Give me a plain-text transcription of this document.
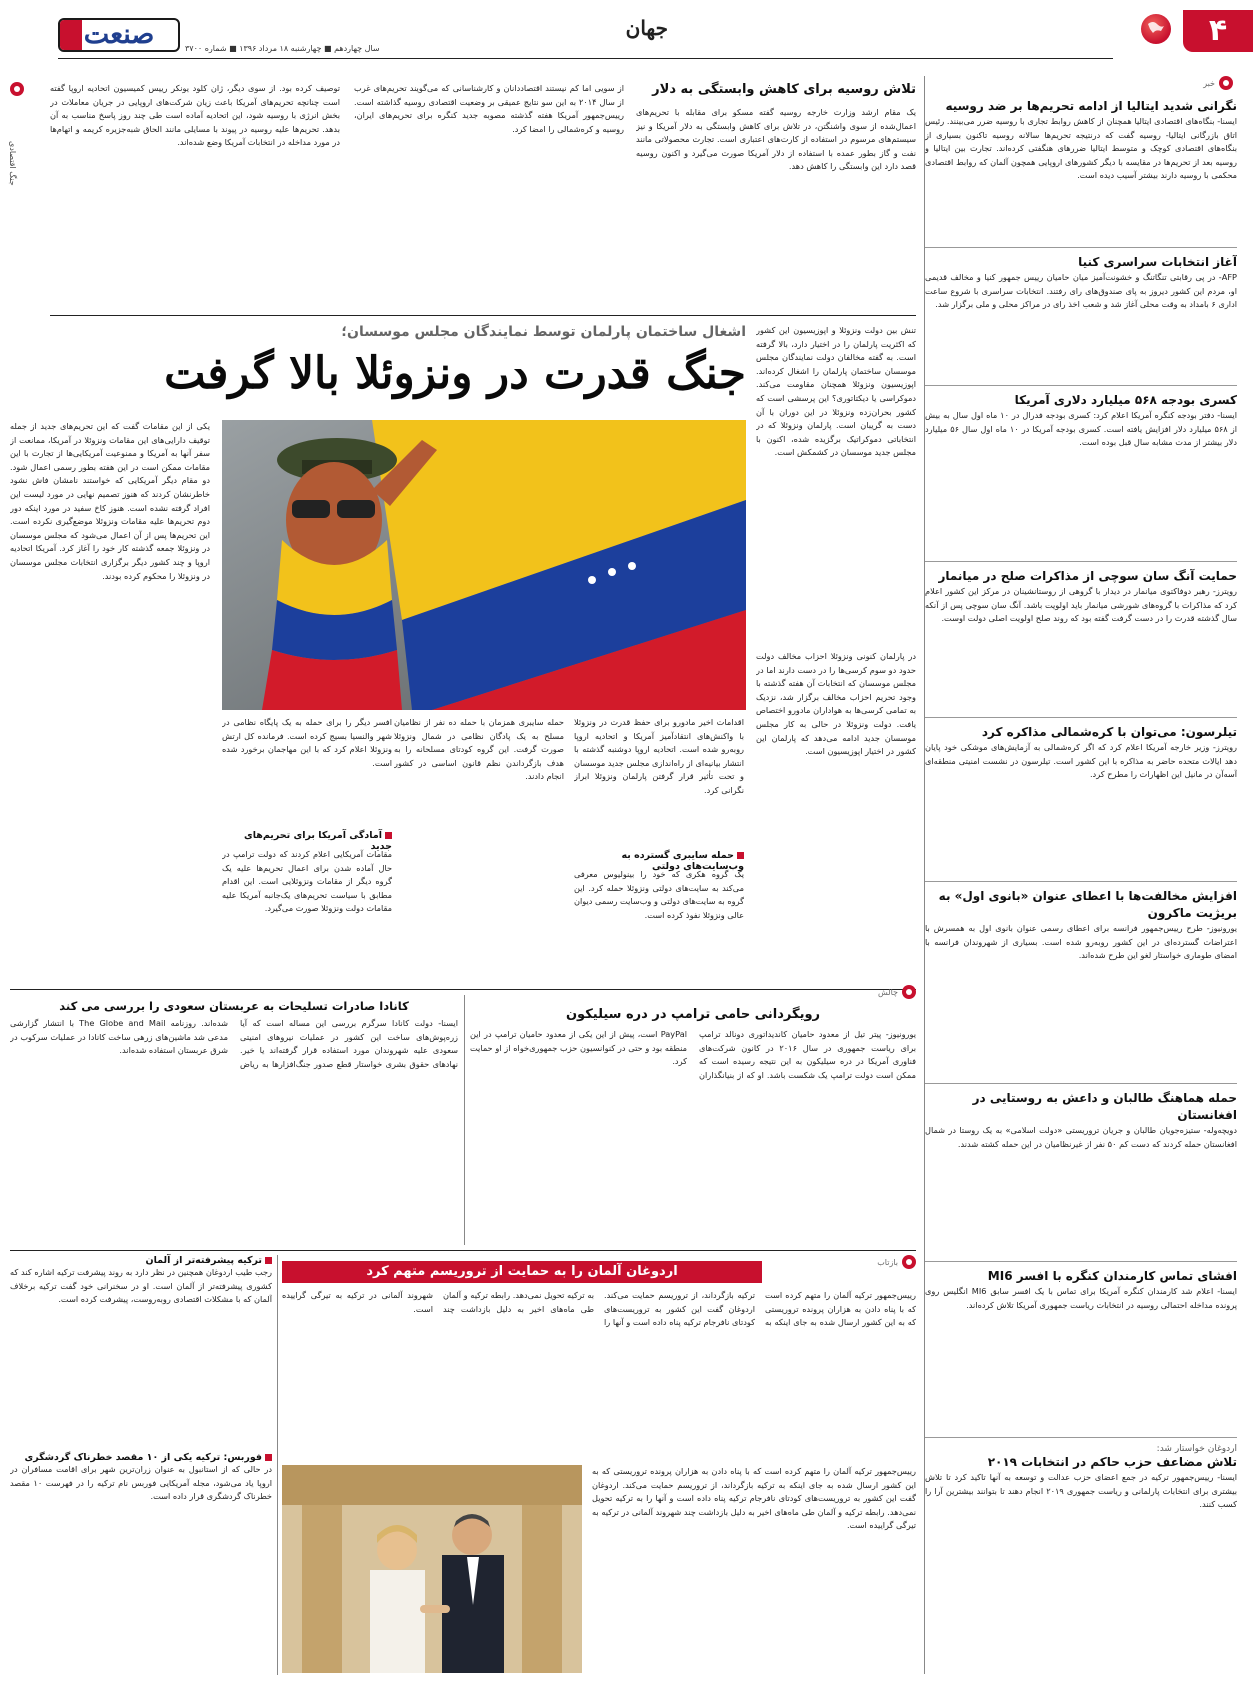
۴
جهان
صنعت	سال چهاردهم ■ چهارشنبه ۱۸ مرداد ۱۳۹۶ ■ شماره ۳۷۰۰
خبر
نگرانی شدید ایتالیا از ادامه تحریم‌ها بر ضد روسیه
ایسنا- بنگاه‌های اقتصادی ایتالیا همچنان از کاهش روابط تجاری با روسیه ضرر می‌بینند. رئیس اتاق بازرگانی ایتالیا- روسیه گفت که درنتیجه تحریم‌ها سالانه روسیه تاکنون بسیاری از بنگاه‌های اقتصادی کوچک و متوسط ایتالیا ضررهای هنگفتی کرده‌اند. تجارت بین ایتالیا و روسیه بعد از تحریم‌ها در مقایسه با دیگر کشورهای اروپایی همچون آلمان که روابط اقتصادی محکمی با روسیه دارند بیشتر آسیب دیده است.
آغاز انتخابات سراسری کنیا
AFP- در پی رقابتی تنگاتنگ و خشونت‌آمیز میان حامیان رییس جمهور کنیا و مخالف قدیمی او، مردم این کشور دیروز به پای صندوق‌های رای رفتند. انتخابات سراسری با شروع ساعت اداری ۶ بامداد به وقت محلی آغاز شد و شعب اخذ رای در مراکز محلی و ملی برگزار شد.
کسری بودجه ۵۶۸ میلیارد دلاری آمریکا
ایسنا- دفتر بودجه کنگره آمریکا اعلام کرد: کسری بودجه فدرال در ۱۰ ماه اول سال به بیش از ۵۶۸ میلیارد دلار افزایش یافته است. کسری بودجه آمریکا در ۱۰ ماه اول سال ۵۶ میلیارد دلار بیشتر از مدت مشابه سال قبل بوده است.
حمایت آنگ سان سوچی از مذاکرات صلح در میانمار
رویترز- رهبر دوفاکتوی میانمار در دیدار با گروهی از روستانشینان در مرکز این کشور اعلام کرد که مذاکرات با گروه‌های شورشی میانمار باید اولویت باشد. آنگ سان سوچی پس از آنکه سال گذشته قدرت را در دست گرفت گفته بود که روند صلح اولویت اصلی دولت اوست.
تیلرسون: می‌توان با کره‌شمالی مذاکره کرد
رویترز- وزیر خارجه آمریکا اعلام کرد که اگر کره‌شمالی به آزمایش‌های موشکی خود پایان دهد ایالات متحده حاضر به مذاکره با این کشور است. تیلرسون در نشست امنیتی منطقه‌ای آسه‌آن در مانیل این اظهارات را مطرح کرد.
افزایش مخالفت‌ها با اعطای عنوان «بانوی اول» به بریژیت ماکرون
یورونیوز- طرح رییس‌جمهور فرانسه برای اعطای رسمی عنوان بانوی اول به همسرش با اعتراضات گسترده‌ای در این کشور روبه‌رو شده است. بسیاری از شهروندان فرانسه با امضای طوماری خواستار لغو این طرح شده‌اند.
حمله هماهنگ طالبان و داعش به روستایی در افغانستان
دویچه‌وله- ستیزه‌جویان طالبان و جریان تروریستی «دولت اسلامی» به یک روستا در شمال افغانستان حمله کردند که دست کم ۵۰ نفر از غیرنظامیان در این حمله کشته شدند.
افشای تماس کارمندان کنگره با افسر MI6
ایسنا- اعلام شد کارمندان کنگره آمریکا برای تماس با یک افسر سابق MI6 انگلیس روی پرونده مداخله احتمالی روسیه در انتخابات ریاست جمهوری آمریکا تلاش کرده‌اند.
اردوغان خواستار شد:
تلاش مضاعف حزب حاکم در انتخابات ۲۰۱۹
ایسنا- رییس‌جمهور ترکیه در جمع اعضای حزب عدالت و توسعه به آنها تاکید کرد تا تلاش بیشتری برای انتخابات پارلمانی و ریاست جمهوری ۲۰۱۹ انجام دهند تا بتوانند بیشترین آرا را کسب کنند.
جنگ اقتصادی
تلاش روسیه برای کاهش وابستگی به دلار
یک مقام ارشد وزارت خارجه روسیه گفته مسکو برای مقابله با تحریم‌های اعمال‌شده از سوی واشنگتن، در تلاش برای کاهش وابستگی به دلار آمریکا و نیز سیستم‌های مرسوم در استفاده از کارت‌های اعتباری است. تجارت محصولاتی مانند نفت و گاز بطور عمده با استفاده از دلار آمریکا صورت می‌گیرد و اکنون روسیه قصد دارد این وابستگی را کاهش دهد.
از سویی اما کم نیستند اقتصاددانان و کارشناسانی که می‌گویند تحریم‌های غرب از سال ۲۰۱۴ به این سو نتایج عمیقی بر وضعیت اقتصادی روسیه گذاشته است. رییس‌جمهور آمریکا هفته گذشته مصوبه جدید کنگره برای تحریم‌های ایران، روسیه و کره‌شمالی را امضا کرد.
توصیف کرده بود. از سوی دیگر، ژان کلود یونکر رییس کمیسیون اتحادیه اروپا گفته است چنانچه تحریم‌های آمریکا باعث زیان شرکت‌های اروپایی در جریان معاملات در بخش انرژی با روسیه شود، این اتحادیه آماده است طی چند روز پاسخ مناسب به آن بدهد. تحریم‌ها علیه روسیه در پیوند با مسایلی مانند الحاق شبه‌جزیره کریمه و اتهام‌ها در مورد مداخله در انتخابات آمریکا وضع شده‌اند.
اشغال ساختمان پارلمان توسط نمایندگان مجلس موسسان؛
جنگ قدرت در ونزوئلا بالا گرفت
تنش بین دولت ونزوئلا و اپوزیسیون این کشور که اکثریت پارلمان را در اختیار دارد، بالا گرفته است. به گفته مخالفان دولت نمایندگان مجلس موسسان ساختمان پارلمان را اشغال کرده‌اند. اپوزیسیون ونزوئلا همچنان مقاومت می‌کند. دموکراسی یا دیکتاتوری؟ این پرسشی است که کشور بحران‌زده ونزوئلا در این دوران با آن دست به گریبان است. پارلمان ونزوئلا که در انتخاباتی دموکراتیک برگزیده شده، اکنون با مجلس جدید موسسان در کشمکش است.
در پارلمان کنونی ونزوئلا احزاب مخالف دولت حدود دو سوم کرسی‌ها را در دست دارند اما در مجلس موسسان که انتخابات آن هفته گذشته با وجود تحریم احزاب مخالف برگزار شد، نزدیک به تمامی کرسی‌ها به هواداران مادورو اختصاص یافت. دولت ونزوئلا در حالی به کار مجلس موسسان جدید ادامه می‌دهد که پارلمان این کشور در اختیار اپوزیسیون است.
یکی از این مقامات گفت که این تحریم‌های جدید از جمله توقیف دارایی‌های این مقامات ونزوئلا در آمریکا، ممانعت از سفر آنها به آمریکا و ممنوعیت آمریکایی‌ها از تجارت با این مقامات ممکن است در این هفته بطور رسمی اعمال شود. دو مقام دیگر آمریکایی که خواستند نامشان فاش نشود خاطرنشان کردند که هنوز تصمیم نهایی در مورد لیست این افراد گرفته نشده است. هنوز کاخ سفید در مورد اینکه دور دوم تحریم‌ها علیه مقامات ونزوئلا موضع‌گیری نکرده است. این تحریم‌ها پس از آن اعمال می‌شود که مجلس موسسان در ونزوئلا جمعه گذشته کار خود را آغاز کرد. آمریکا اتحادیه اروپا و چند کشور دیگر برگزاری انتخابات مجلس موسسان در ونزوئلا را محکوم کرده بودند.
اقدامات اخیر مادورو برای حفظ قدرت در ونزوئلا با واکنش‌های انتقادآمیز آمریکا و اتحادیه اروپا روبه‌رو شده است. اتحادیه اروپا دوشنبه گذشته با انتشار بیانیه‌ای از راه‌اندازی مجلس جدید موسسان و تحت تأثیر قرار گرفتن پارلمان ونزوئلا ابراز نگرانی کرد.
حمله سایبری گسترده به وب‌سایت‌های دولتی
یک گروه هکری که خود را بینولیوس معرفی می‌کند به سایت‌های دولتی ونزوئلا حمله کرد. این گروه به سایت‌های دولتی و وب‌سایت رسمی دیوان عالی ونزوئلا نفوذ کرده است.
حمله سایبری همزمان با حمله ده نفر از نظامیان مسلح به یک پادگان نظامی در شمال ونزوئلا صورت گرفت. این گروه کودتای مسلحانه را به هدف بازگرداندن نظم قانون اساسی در کشور انجام دادند.
افسر دیگر را برای حمله به یک پایگاه نظامی در شهر والنسیا بسیج کرده است. فرمانده کل ارتش ونزوئلا اعلام کرد که با این مهاجمان برخورد شده است.
آمادگی آمریکا برای تحریم‌های جدید
مقامات آمریکایی اعلام کردند که دولت ترامپ در حال آماده شدن برای اعمال تحریم‌ها علیه یک گروه دیگر از مقامات ونزوئلایی است. این اقدام مطابق با سیاست تحریم‌های یک‌جانبه آمریکا علیه مقامات دولت ونزوئلا صورت می‌گیرد.
کانادا صادرات تسلیحات به عربستان سعودی را بررسی می کند
ایسنا- دولت کانادا سرگرم بررسی این مساله است که آیا زره‌پوش‌های ساخت این کشور در عملیات نیروهای امنیتی سعودی علیه شهروندان مورد استفاده قرار گرفته‌اند یا خیر. نهادهای حقوق بشری خواستار قطع صدور جنگ‌افزارها به ریاض شده‌اند. روزنامه The Globe and Mail با انتشار گزارشی مدعی شد ماشین‌های زرهی ساخت کانادا در عملیات سرکوب در شرق عربستان استفاده شده‌اند.
چالش
رویگردانی حامی ترامپ در دره سیلیکون
یورونیوز- پیتر تیل از معدود حامیان کاندیداتوری دونالد ترامپ برای ریاست جمهوری در سال ۲۰۱۶ در کانون شرکت‌های فناوری آمریکا در دره سیلیکون به این نتیجه رسیده است که ممکن است دولت ترامپ یک شکست باشد. او که از بنیانگذاران PayPal است، پیش از این یکی از معدود حامیان ترامپ در این منطقه بود و حتی در کنوانسیون حزب جمهوری‌خواه از او حمایت کرد.
بازتاب
اردوغان آلمان را به حمایت از تروریسم متهم کرد
رییس‌جمهور ترکیه آلمان را متهم کرده است که با پناه دادن به هزاران پرونده تروریستی که به این کشور ارسال شده به جای اینکه به ترکیه بازگرداند، از تروریسم حمایت می‌کند. اردوغان گفت این کشور به تروریست‌های کودتای نافرجام ترکیه پناه داده است و آنها را به ترکیه تحویل نمی‌دهد. رابطه ترکیه و آلمان طی ماه‌های اخیر به دلیل بازداشت چند شهروند آلمانی در ترکیه به تیرگی گراییده است.
رییس‌جمهور ترکیه آلمان را متهم کرده است که با پناه دادن به هزاران پرونده تروریستی که به این کشور ارسال شده به جای اینکه به ترکیه بازگرداند، از تروریسم حمایت می‌کند. اردوغان گفت این کشور به تروریست‌های کودتای نافرجام ترکیه پناه داده است و آنها را به ترکیه تحویل نمی‌دهد. رابطه ترکیه و آلمان طی ماه‌های اخیر به دلیل بازداشت چند شهروند آلمانی در ترکیه به تیرگی گراییده است.
ترکیه پیشرفته‌تر از آلمان
رجب طیب اردوغان همچنین در نظر دارد به روند پیشرفت ترکیه اشاره کند که کشوری پیشرفته‌تر از آلمان است. او در سخنرانی خود گفت ترکیه برخلاف آلمان که با مشکلات اقتصادی روبه‌روست، پیشرفت کرده است.
فوربس: ترکیه یکی از ۱۰ مقصد خطرناک گردشگری
در حالی که از استانبول به عنوان زران‌ترین شهر برای اقامت مسافران در اروپا یاد می‌شود، مجله آمریکایی فوربس نام ترکیه را در فهرست ۱۰ مقصد خطرناک گردشگری قرار داده است.
